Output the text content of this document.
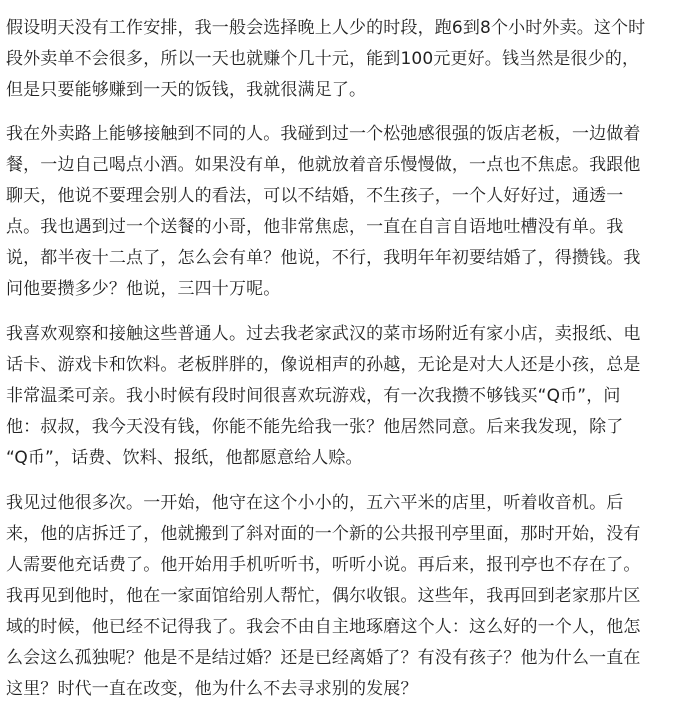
假设明天没有工作安排，我一般会选择晚上人少的时段，跑6到8个小时外卖。这个时
段外卖单不会很多，所以一天也就赚个几十元，能到100元更好。钱当然是很少的，
但是只要能够赚到一天的饭钱，我就很满足了。
我在外卖路上能够接触到不同的人。我碰到过一个松弛感很强的饭店老板，一边做着
餐，一边自己喝点小酒。如果没有单，他就放着音乐慢慢做，一点也不焦虑。我跟他
聊天，他说不要理会别人的看法，可以不结婚，不生孩子，一个人好好过，通透一
点。我也遇到过一个送餐的小哥，他非常焦虑，一直在自言自语地吐槽没有单。我
说，都半夜十二点了，怎么会有单？他说，不行，我明年年初要结婚了，得攒钱。我
问他要攒多少？他说，三四十万呢。
我喜欢观察和接触这些普通人。过去我老家武汉的菜市场附近有家小店，卖报纸、电
话卡、游戏卡和饮料。老板胖胖的，像说相声的孙越，无论是对大人还是小孩，总是
非常温柔可亲。我小时候有段时间很喜欢玩游戏，有一次我攒不够钱买“Q币”，问
他：叔叔，我今天没有钱，你能不能先给我一张？他居然同意。后来我发现，除了
“Q币”，话费、饮料、报纸，他都愿意给人赊。
我见过他很多次。一开始，他守在这个小小的，五六平米的店里，听着收音机。后
来，他的店拆迁了，他就搬到了斜对面的一个新的公共报刊亭里面，那时开始，没有
人需要他充话费了。他开始用手机听听书，听听小说。再后来，报刊亭也不存在了。
我再见到他时，他在一家面馆给别人帮忙，偶尔收银。这些年，我再回到老家那片区
域的时候，他已经不记得我了。我会不由自主地琢磨这个人：这么好的一个人，他怎
么会这么孤独呢？他是不是结过婚？还是已经离婚了？有没有孩子？他为什么一直在
这里？时代一直在改变，他为什么不去寻求别的发展？
